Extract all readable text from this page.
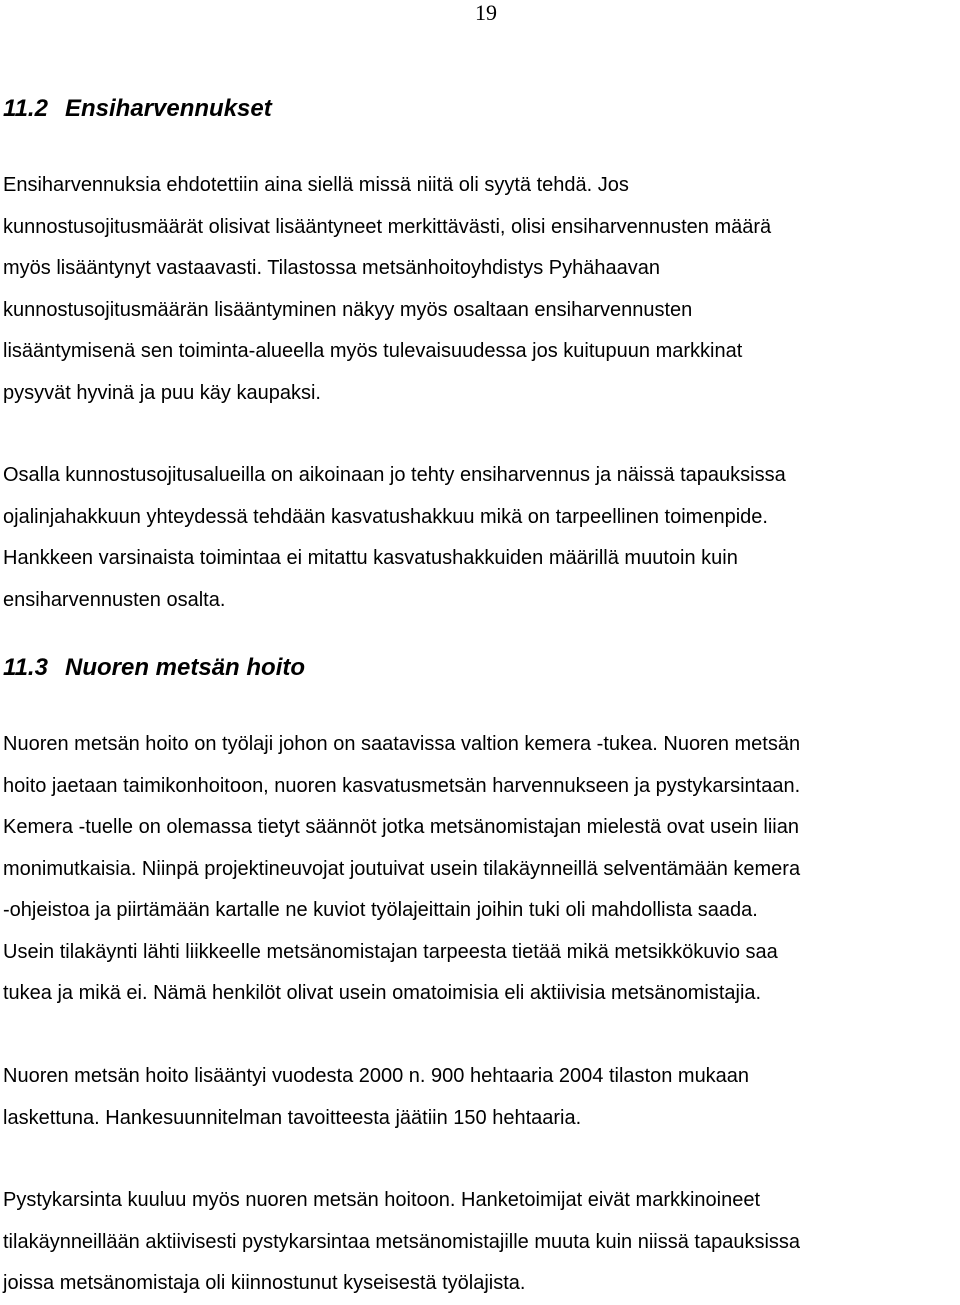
19
11.2 Ensiharvennukset

Ensiharvennuksia ehdotettiin aina siellä missä niitä oli syytä tehdä. Jos
kunnostusojitusmäärät olisivat lisääntyneet merkittävästi, olisi ensiharvennusten määrä
myös lisääntynyt vastaavasti. Tilastossa metsänhoitoyhdistys Pyhähaavan
kunnostusojitusmäärän lisääntyminen näkyy myös osaltaan ensiharvennusten
lisääntymisenä sen toiminta-alueella myös tulevaisuudessa jos kuitupuun markkinat
pysyvät hyvinä ja puu käy kaupaksi.

Osalla kunnostusojitusalueilla on aikoinaan jo tehty ensiharvennus ja näissä tapauksissa
ojalinjahakkuun yhteydessä tehdään kasvatushakkuu mikä on tarpeellinen toimenpide.
Hankkeen varsinaista toimintaa ei mitattu kasvatushakkuiden määrillä muutoin kuin
ensiharvennusten osalta.

11.3 Nuoren metsän hoito

Nuoren metsän hoito on työlaji johon on saatavissa valtion kemera -tukea. Nuoren metsän
hoito jaetaan taimikonhoitoon, nuoren kasvatusmetsän harvennukseen ja pystykarsintaan.
Kemera -tuelle on olemassa tietyt säännöt jotka metsänomistajan mielestä ovat usein liian
monimutkaisia. Niinpä projektineuvojat joutuivat usein tilakäynneillä selventämään kemera
-ohjeistoa ja piirtämään kartalle ne kuviot työlajeittain joihin tuki oli mahdollista saada.
Usein tilakäynti lähti liikkeelle metsänomistajan tarpeesta tietää mikä metsikkökuvio saa
tukea ja mikä ei. Nämä henkilöt olivat usein omatoimisia eli aktiivisia metsänomistajia.

Nuoren metsän hoito lisääntyi vuodesta 2000 n. 900 hehtaaria 2004 tilaston mukaan
laskettuna. Hankesuunnitelman tavoitteesta jäätiin 150 hehtaaria.

Pystykarsinta kuuluu myös nuoren metsän hoitoon. Hanketoimijat eivät markkinoineet
tilakäynneillään aktiivisesti pystykarsintaa metsänomistajille muuta kuin niissä tapauksissa
joissa metsänomistaja oli kiinnostunut kyseisestä työlajista.
